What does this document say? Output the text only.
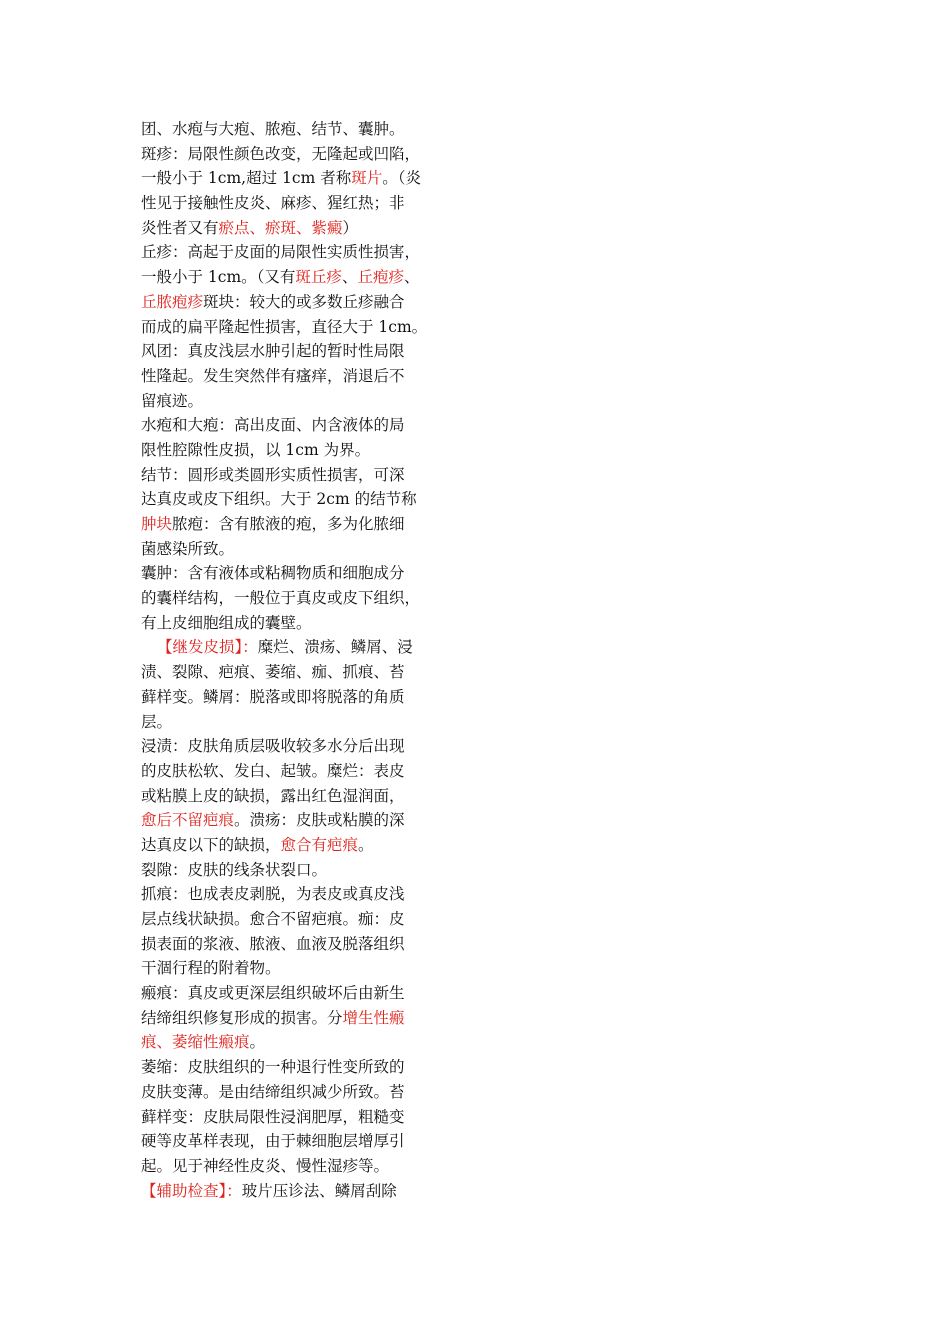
团、水疱与大疱、脓疱、结节、囊肿。
斑疹：局限性颜色改变，无隆起或凹陷，
一般小于 1cm,超过 1cm 者称斑片。（炎
性见于接触性皮炎、麻疹、猩红热；非
炎性者又有瘀点、瘀斑、紫癜）
丘疹：高起于皮面的局限性实质性损害，
一般小于 1cm。（又有斑丘疹、丘疱疹、
丘脓疱疹斑块：较大的或多数丘疹融合
而成的扁平隆起性损害，直径大于 1cm。
风团：真皮浅层水肿引起的暂时性局限
性隆起。发生突然伴有瘙痒，消退后不
留痕迹。
水疱和大疱：高出皮面、内含液体的局
限性腔隙性皮损，以 1cm 为界。
结节：圆形或类圆形实质性损害，可深
达真皮或皮下组织。大于 2cm 的结节称
肿块脓疱：含有脓液的疱，多为化脓细
菌感染所致。
囊肿：含有液体或粘稠物质和细胞成分
的囊样结构，一般位于真皮或皮下组织，
有上皮细胞组成的囊壁。
【继发皮损】：糜烂、溃疡、鳞屑、浸
渍、裂隙、疤痕、萎缩、痂、抓痕、苔
藓样变。鳞屑：脱落或即将脱落的角质
层。
浸渍：皮肤角质层吸收较多水分后出现
的皮肤松软、发白、起皱。糜烂：表皮
或粘膜上皮的缺损，露出红色湿润面，
愈后不留疤痕。溃疡：皮肤或粘膜的深
达真皮以下的缺损，愈合有疤痕。
裂隙：皮肤的线条状裂口。
抓痕：也成表皮剥脱，为表皮或真皮浅
层点线状缺损。愈合不留疤痕。痂：皮
损表面的浆液、脓液、血液及脱落组织
干涸行程的附着物。
瘢痕：真皮或更深层组织破坏后由新生
结缔组织修复形成的损害。分增生性瘢
痕、萎缩性瘢痕。
萎缩：皮肤组织的一种退行性变所致的
皮肤变薄。是由结缔组织减少所致。苔
藓样变：皮肤局限性浸润肥厚，粗糙变
硬等皮革样表现，由于棘细胞层增厚引
起。见于神经性皮炎、慢性湿疹等。
【辅助检查】：玻片压诊法、鳞屑刮除
